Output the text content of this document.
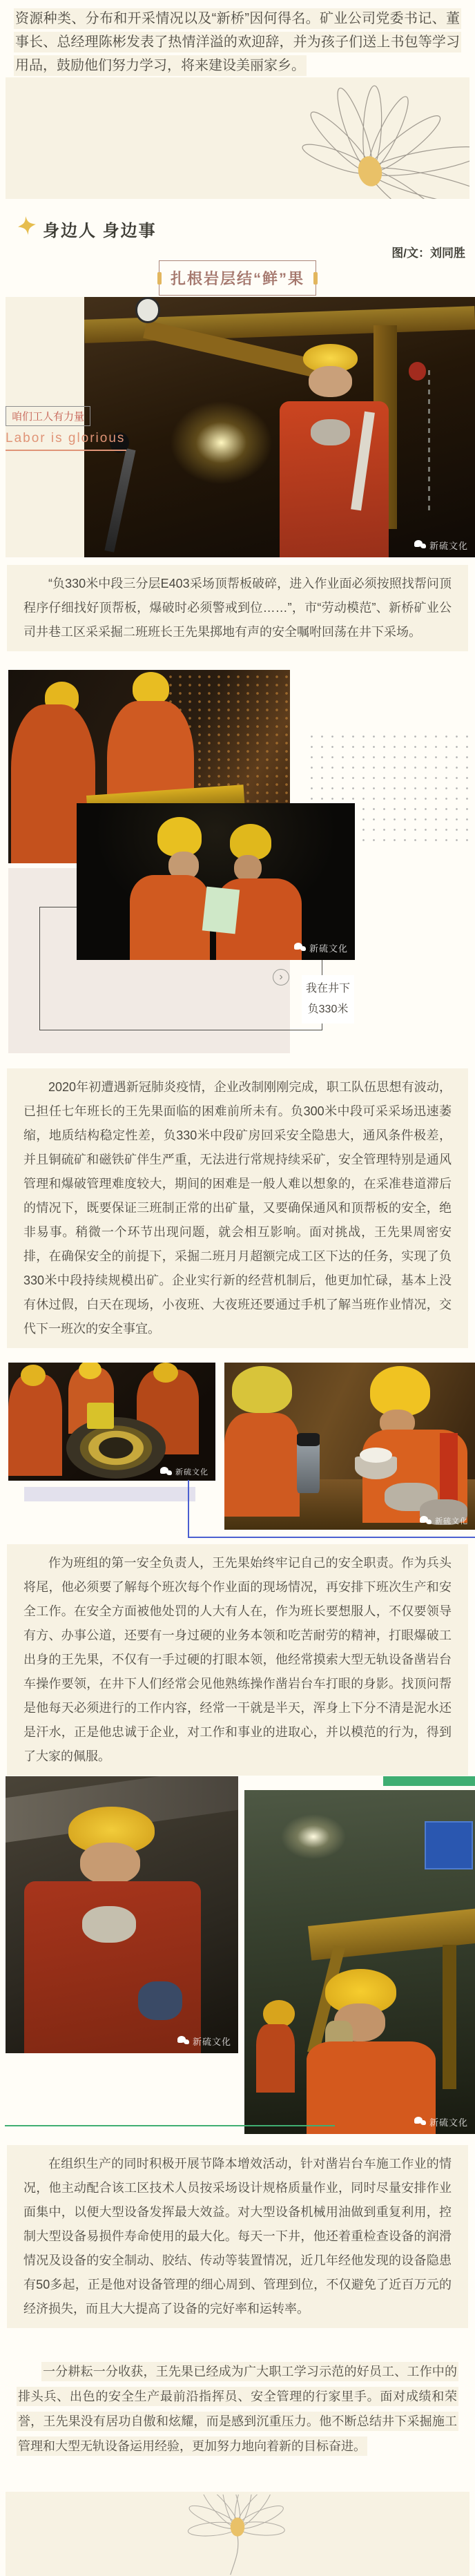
资源种类、分布和开采情况以及“新桥”因何得名。矿业公司党委书记、董事长、总经理陈彬发表了热情洋溢的欢迎辞，并为孩子们送上书包等学习用品，鼓励他们努力学习，将来建设美丽家乡。

身边人 身边事
图/文：刘同胜
扎根岩层结“鲜”果
新硫文化
咱们工人有力量
Labor is glorious

“负330米中段三分层E403采场顶帮板破碎，进入作业面必须按照找帮问顶程序仔细找好顶帮板，爆破时必须警戒到位……”，市“劳动模范”、新桥矿业公司井巷工区采采掘二班班长王先果掷地有声的安全嘱咐回荡在井下采场。

新硫文化
›
我在井下
负330米

2020年初遭遇新冠肺炎疫情，企业改制刚刚完成，职工队伍思想有波动，已担任七年班长的王先果面临的困难前所未有。负300米中段可采采场迅速萎缩，地质结构稳定性差，负330米中段矿房回采安全隐患大，通风条件极差，并且铜硫矿和磁铁矿伴生严重，无法进行常规持续采矿，安全管理特别是通风管理和爆破管理难度较大，期间的困难是一般人难以想象的，在采准巷道滞后的情况下，既要保证三班制正常的出矿量，又要确保通风和顶帮板的安全，绝非易事。稍微一个环节出现问题，就会相互影响。面对挑战，王先果周密安排，在确保安全的前提下，采掘二班月月超额完成工区下达的任务，实现了负330米中段持续规模出矿。企业实行新的经营机制后，他更加忙碌，基本上没有休过假，白天在现场，小夜班、大夜班还要通过手机了解当班作业情况，交代下一班次的安全事宜。

新硫文化
新硫文化

作为班组的第一安全负责人，王先果始终牢记自己的安全职责。作为兵头将尾，他必须要了解每个班次每个作业面的现场情况，再安排下班次生产和安全工作。在安全方面被他处罚的人大有人在，作为班长要想服人，不仅要领导有方、办事公道，还要有一身过硬的业务本领和吃苦耐劳的精神，打眼爆破工出身的王先果，不仅有一手过硬的打眼本领，他经常摸索大型无轨设备凿岩台车操作要领，在井下人们经常会见他熟练操作凿岩台车打眼的身影。找顶问帮是他每天必须进行的工作内容，经常一干就是半天，浑身上下分不清是泥水还是汗水，正是他忠诚于企业，对工作和事业的进取心，并以模范的行为，得到了大家的佩服。

新硫文化
新硫文化

在组织生产的同时积极开展节降本增效活动，针对凿岩台车施工作业的情况，他主动配合该工区技术人员按采场设计规格质量作业，同时尽量安排作业面集中，以便大型设备发挥最大效益。对大型设备机械用油做到重复利用，控制大型设备易损件寿命使用的最大化。每天一下井，他还着重检查设备的润滑情况及设备的安全制动、胶结、传动等装置情况，近几年经他发现的设备隐患有50多起，正是他对设备管理的细心周到、管理到位，不仅避免了近百万元的经济损失，而且大大提高了设备的完好率和运转率。

一分耕耘一分收获，王先果已经成为广大职工学习示范的好员工、工作中的排头兵、出色的安全生产最前沿指挥员、安全管理的行家里手。面对成绩和荣誉，王先果没有居功自傲和炫耀，而是感到沉重压力。他不断总结井下采掘施工管理和大型无轨设备运用经验，更加努力地向着新的目标奋进。
